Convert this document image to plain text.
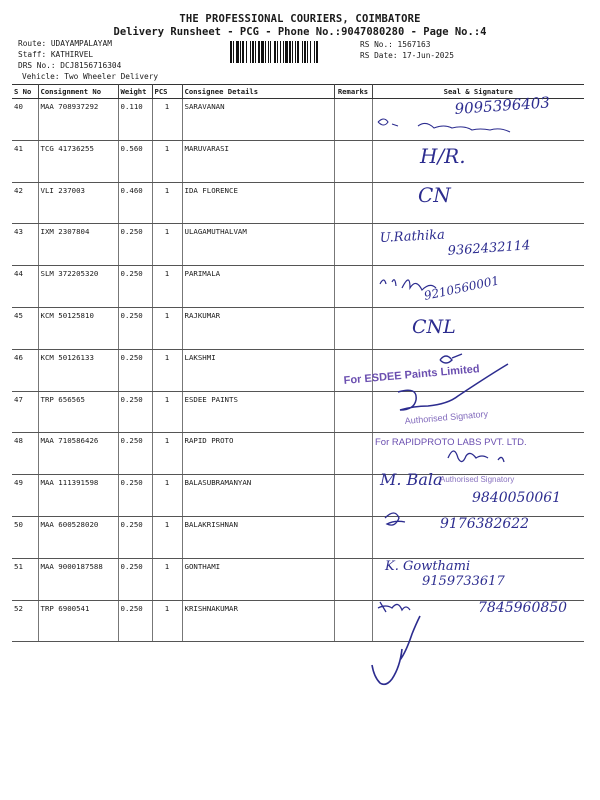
THE PROFESSIONAL COURIERS, COIMBATORE
Delivery Runsheet - PCG - Phone No.:9047080280 - Page No.:4
Route: UDAYAMPALAYAM
Staff: KATHIRVEL
DRS No.: DCJ8156716304
Vehicle: Two Wheeler Delivery
RS No.: 1567163
RS Date: 17-Jun-2025
S No	Consignment No	Weight	PCS	Consignee Details	Remarks	Seal & Signature
40	MAA 708937292	0.110	1	SARAVANAN		
41	TCG 41736255	0.560	1	MARUVARASI		
42	VLI 237003	0.460	1	IDA FLORENCE		
43	IXM 2307804	0.250	1	ULAGAMUTHALVAM		
44	SLM 372205320	0.250	1	PARIMALA		
45	KCM 50125810	0.250	1	RAJKUMAR		
46	KCM 50126133	0.250	1	LAKSHMI		
47	TRP 656565	0.250	1	ESDEE PAINTS		
48	MAA 710586426	0.250	1	RAPID PROTO		
49	MAA 111391598	0.250	1	BALASUBRAMANYAN		
50	MAA 600528020	0.250	1	BALAKRISHNAN		
51	MAA 9000187588	0.250	1	GONTHAMI		
52	TRP 6900541	0.250	1	KRISHNAKUMAR		
9095396403
H/R.
CN
U.Rathika
9362432114
9210560001
CNL
For ESDEE Paints Limited
Authorised Signatory
For RAPIDPROTO LABS PVT. LTD.
M. Bala
Authorised Signatory
9840050061
9176382622
K. Gowthami
9159733617
7845960850
